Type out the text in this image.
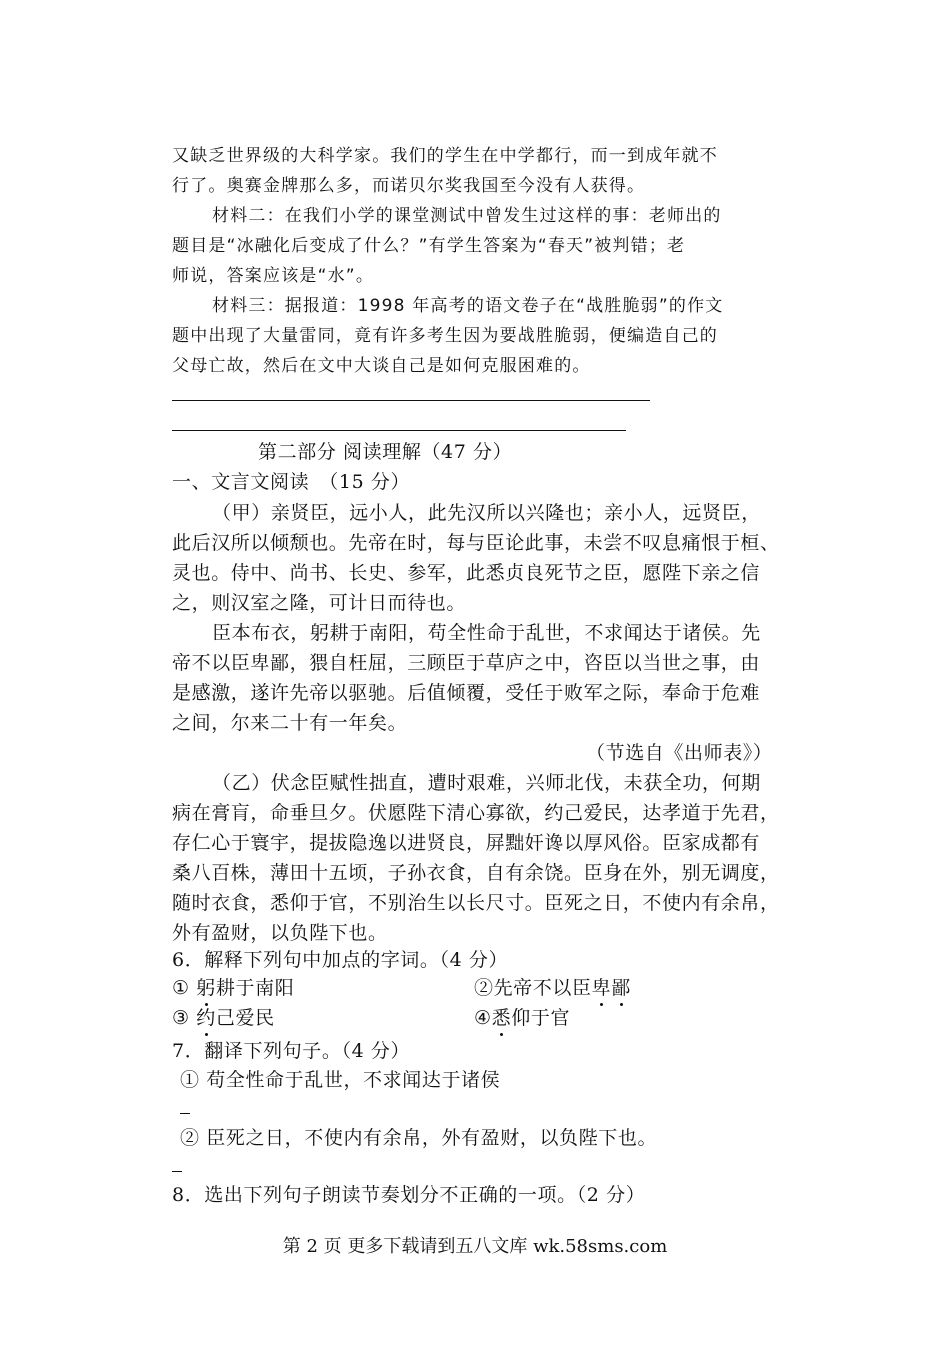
又缺乏世界级的大科学家。我们的学生在中学都行，而一到成年就不
行了。奥赛金牌那么多，而诺贝尔奖我国至今没有人获得。
材料二：在我们小学的课堂测试中曾发生过这样的事：老师出的
题目是“冰融化后变成了什么？”有学生答案为“春天”被判错；老
师说，答案应该是“水”。
材料三：据报道：1998 年高考的语文卷子在“战胜脆弱”的作文
题中出现了大量雷同，竟有许多考生因为要战胜脆弱，便编造自己的
父母亡故，然后在文中大谈自己是如何克服困难的。
第二部分 阅读理解（47 分）
一、文言文阅读　（15 分）
（甲）亲贤臣，远小人，此先汉所以兴隆也；亲小人，远贤臣，
此后汉所以倾颓也。先帝在时，每与臣论此事，未尝不叹息痛恨于桓、
灵也。侍中、尚书、长史、参军，此悉贞良死节之臣，愿陛下亲之信
之，则汉室之隆，可计日而待也。
臣本布衣，躬耕于南阳，苟全性命于乱世，不求闻达于诸侯。先
帝不以臣卑鄙，猥自枉屈，三顾臣于草庐之中，咨臣以当世之事，由
是感激，遂许先帝以驱驰。后值倾覆，受任于败军之际，奉命于危难
之间，尔来二十有一年矣。
（节选自《出师表》）
（乙）伏念臣赋性拙直，遭时艰难，兴师北伐，未获全功，何期
病在膏肓，命垂旦夕。伏愿陛下清心寡欲，约己爱民，达孝道于先君，
存仁心于寰宇，提拔隐逸以进贤良，屏黜奸谗以厚风俗。臣家成都有
桑八百株，薄田十五顷，子孙衣食，自有余饶。臣身在外，别无调度，
随时衣食，悉仰于官，不别治生以长尺寸。臣死之日，不使内有余帛，
外有盈财，以负陛下也。
6．解释下列句中加点的字词。（4 分）
① 躬耕于南阳	②先帝不以臣卑鄙
③ 约己爱民	④悉仰于官
7．翻译下列句子。（4 分）
① 苟全性命于乱世，不求闻达于诸侯
② 臣死之日，不使内有余帛，外有盈财，以负陛下也。
8．选出下列句子朗读节奏划分不正确的一项。（2 分）
第 2 页 更多下载请到五八文库 wk.58sms.com
